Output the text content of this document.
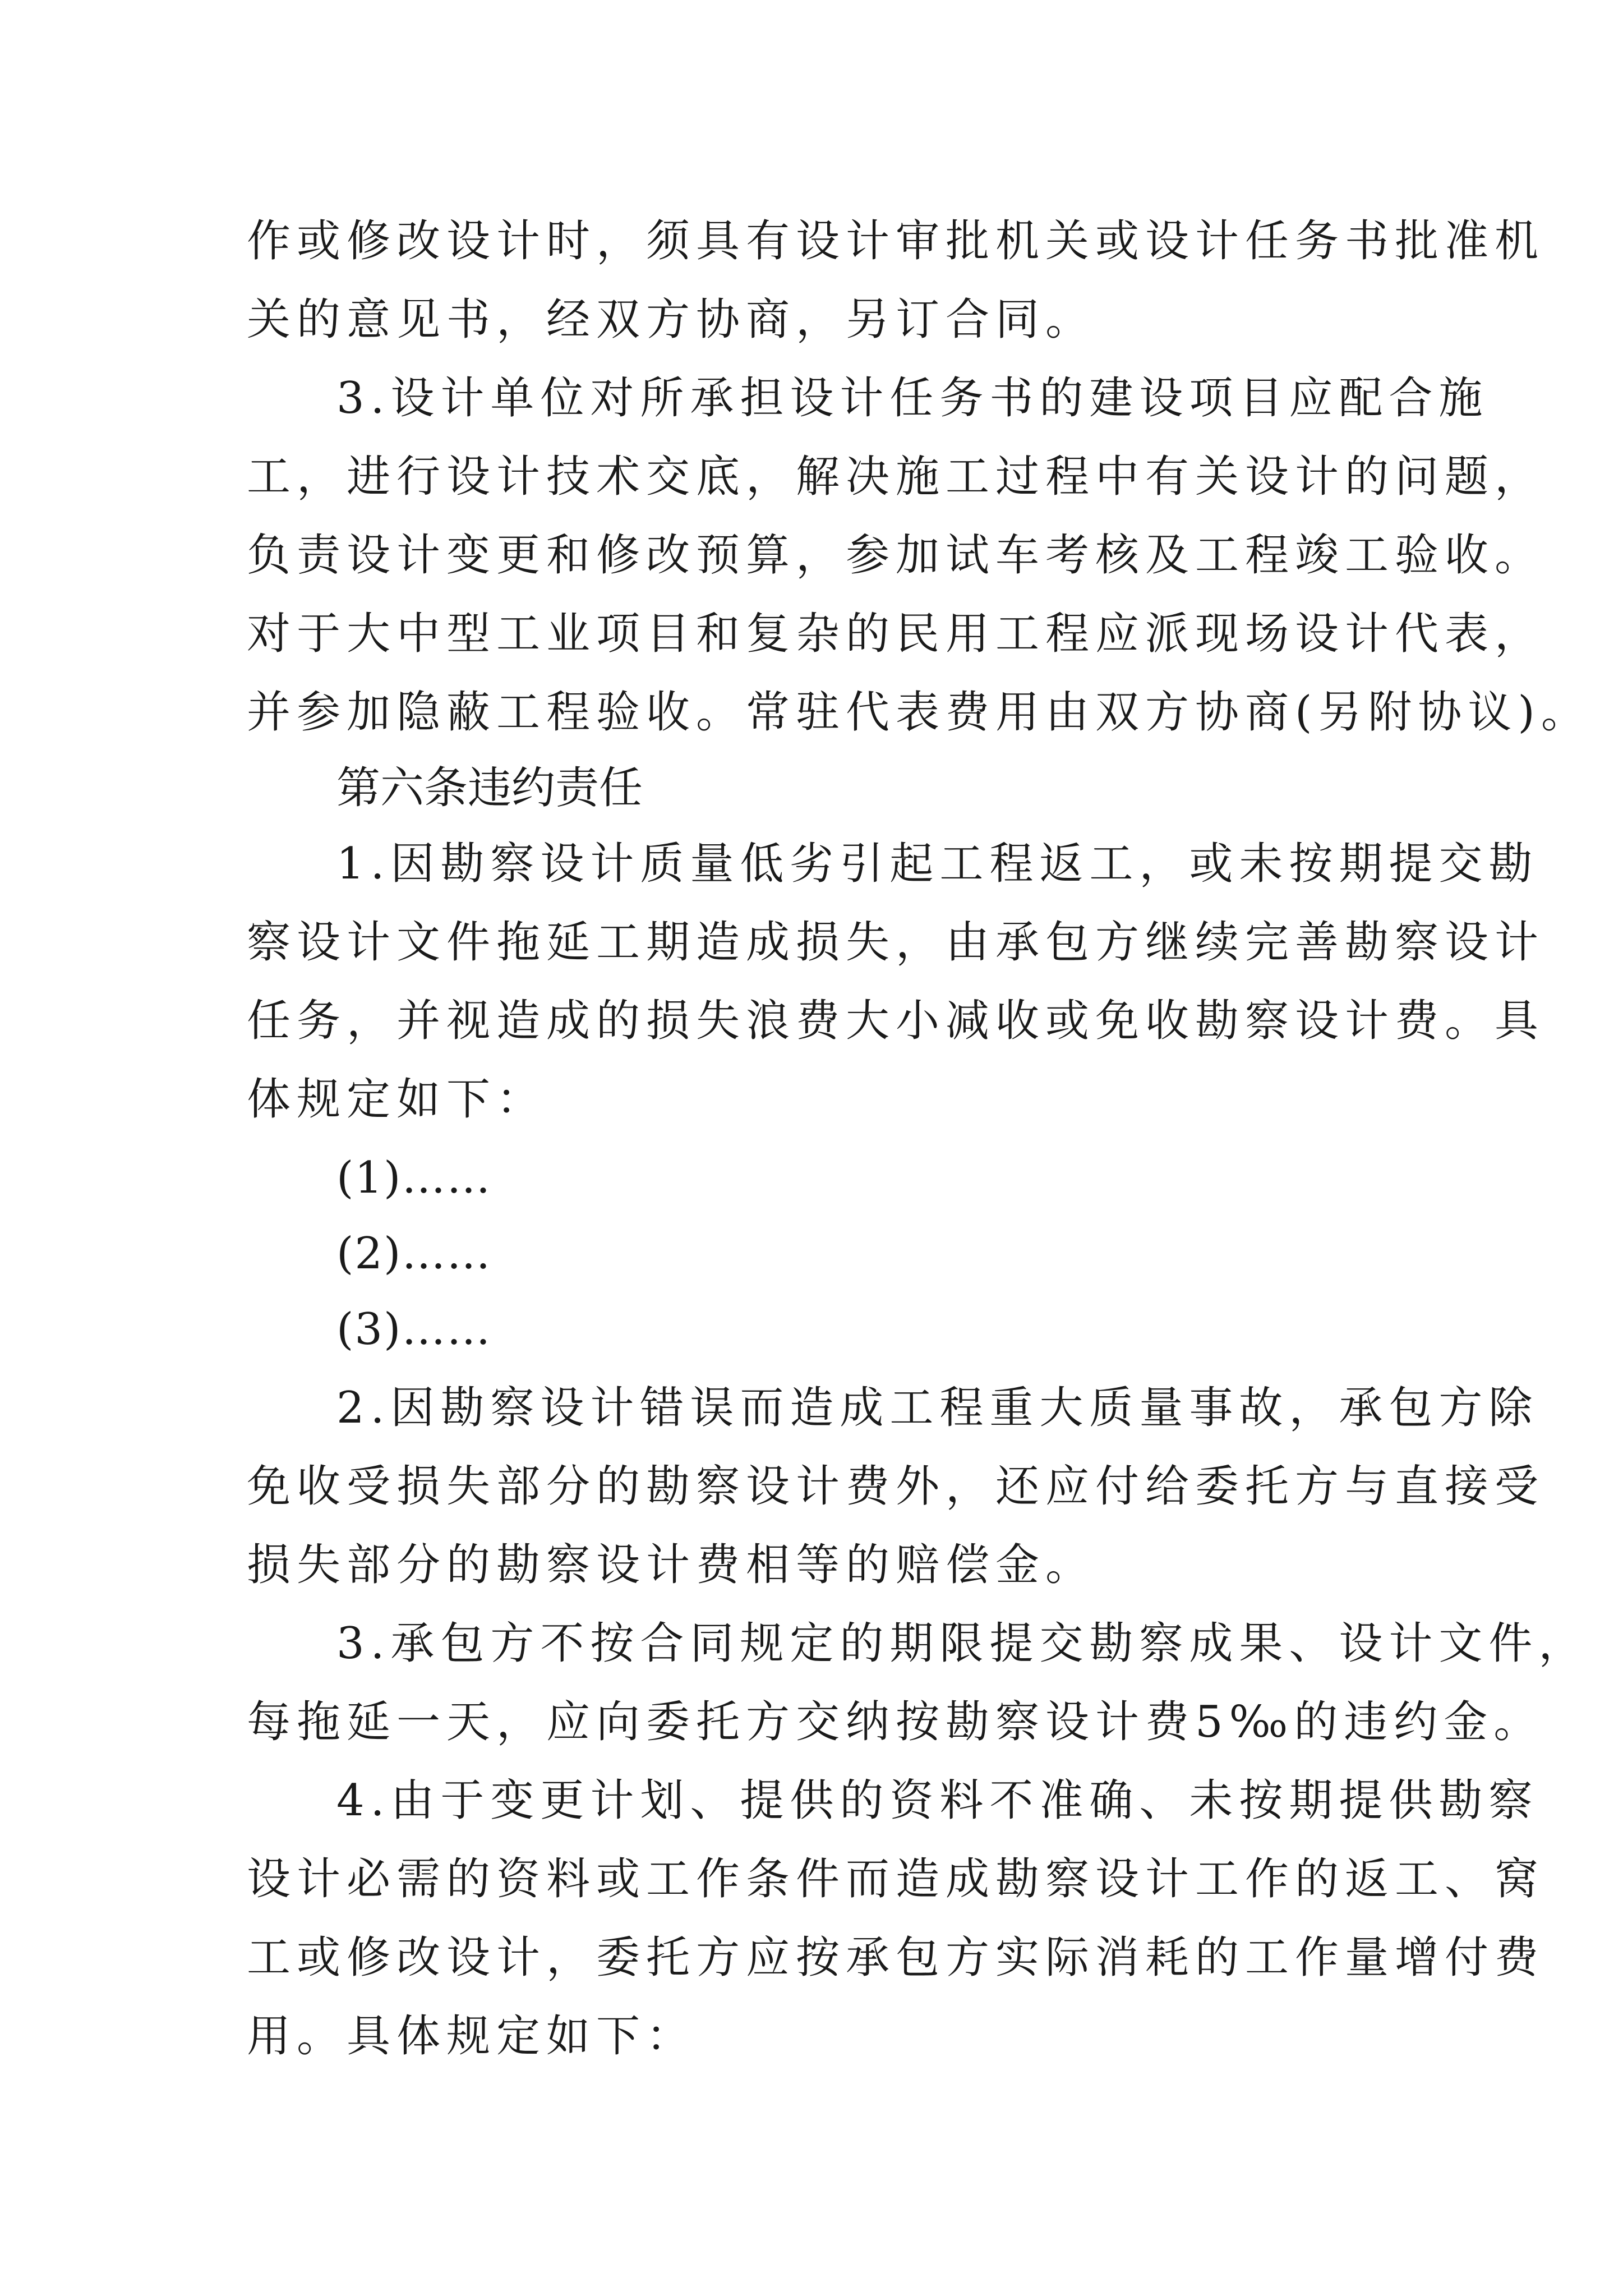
作或修改设计时，须具有设计审批机关或设计任务书批准机
关的意见书，经双方协商，另订合同。
3.设计单位对所承担设计任务书的建设项目应配合施
工，进行设计技术交底，解决施工过程中有关设计的问题，
负责设计变更和修改预算，参加试车考核及工程竣工验收。
对于大中型工业项目和复杂的民用工程应派现场设计代表，
并参加隐蔽工程验收。常驻代表费用由双方协商(另附协议)。
第六条违约责任
1.因勘察设计质量低劣引起工程返工，或未按期提交勘
察设计文件拖延工期造成损失，由承包方继续完善勘察设计
任务，并视造成的损失浪费大小减收或免收勘察设计费。具
体规定如下：
(1)……
(2)……
(3)……
2.因勘察设计错误而造成工程重大质量事故，承包方除
免收受损失部分的勘察设计费外，还应付给委托方与直接受
损失部分的勘察设计费相等的赔偿金。
3.承包方不按合同规定的期限提交勘察成果、设计文件，
每拖延一天，应向委托方交纳按勘察设计费5‰的违约金。
4.由于变更计划、提供的资料不准确、未按期提供勘察
设计必需的资料或工作条件而造成勘察设计工作的返工、窝
工或修改设计，委托方应按承包方实际消耗的工作量增付费
用。具体规定如下：
